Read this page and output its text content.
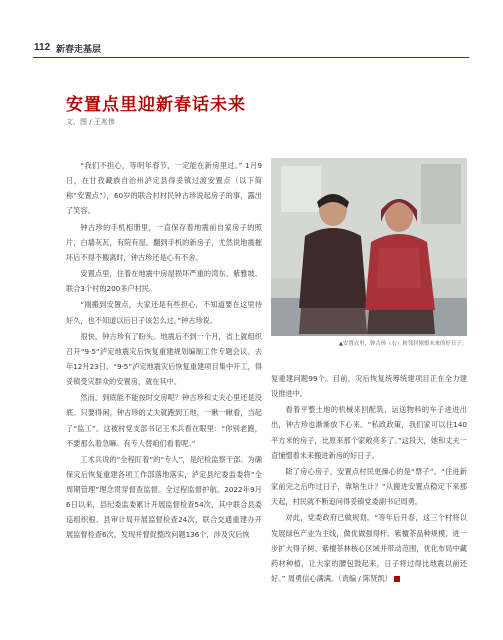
112 新春走基层
安置点里迎新春话未来
文、图 / 王兆伟

“我们不担心，等明年春节，一定能在新房里过。” 1月9日，在甘孜藏族自治州泸定县得妥镇过渡安置点（以下简称“安置点”），60岁的联合村村民钟古珍说起房子的事，露出了笑容。

钟古珍的手机相册里，一直保存着地震前自家房子的照片，白墙灰瓦，有院有屋。翻到手机的新房子，尤然说地震摧坏后不得不搬离时，钟古珍还是心有不舍。

安置点里，住着在地震中房屋损坏严重的湾东、紫雅坡、联合3个村的200多户村民。

“刚搬到安置点，大家还是有些担心，不知道要在这里待好久，也不知道以后日子该怎么过。”钟古珍说。

很快，钟古珍有了盼头。地震后不到一个月，省上就组织召开“9·5”泸定地震灾后恢复重建规划编制工作专题会议。去年12月23日，“9·5”泸定地震灾后恢复重建项目集中开工，得妥镇受灾群众的安置房，就在其中。

然而，到底能不能按时交房呢？钟古珍和丈夫心里还是没底。只要得闲，钟古珍的丈夫就跑到工地，一瞅一瞅看，当起了“监工”。这被村党支部书记王术兵看在眼里：“你别老跑，不要那么着急嘛。有专人替咱们看着呢。”

工术兵说的“全程盯着”的“专人”，是纪检监察干部。为确保灾后恢复重建各项工作部落地落实，泸定县纪委监委将“全周期管理”理念贯穿督查监督。全过程监督护航。2022年9月6日以来，县纪委监委累计开展监督检查54次，其中联合县委巡组织根、县审计局开展监督检查24次，联合交通重建办开展监督检查6次，发现并督促整改问题136个，涉及灾后恢

▲安置点里，钟古珍（右）和邻居憧憬未来的好日子。

复重建问题99个。目前，灾后恢复统筹统建项目正在全力建设推进中。

看着平整土地的机械来回配筑，运送物料的车子进进出出，钟古珍也渐渐放下心来。“私政政策，我们家可以住140平方米的房子，比原来那个家敞亮多了。”这段天，她和丈夫一直憧憬着未来搬进新房的好日子。

除了房心房子，安置点村民更操心的是“票子”。“住进新家前完之后咋过日子，靠啥生计？”从搬进安置点稳定下来那天起，村民就不断追问得妥镇党委副书记周勇。

对此，党委政府已做规划。“等年后开春，这三个村将以发展绿色产业为主线，做优做强得杆、紫檀茶品种规模，进一步扩大得子树、紫檀茶林核心区域并带动范围，优化布局中藏药材种植，让大家的腰包鼓起来，日子将过得比地震以前还好。” 周勇信心满满。（责编 / 陈贤凯）	█
